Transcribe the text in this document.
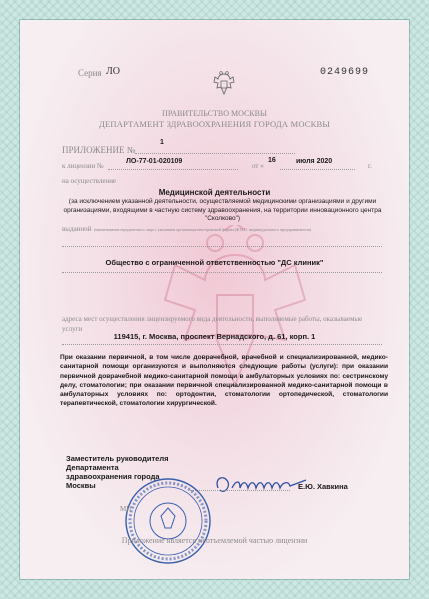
Серия ЛО	0249699
ПРАВИТЕЛЬСТВО МОСКВЫ
ДЕПАРТАМЕНТ ЗДРАВООХРАНЕНИЯ ГОРОДА МОСКВЫ
ПРИЛОЖЕНИЕ №
1
к лицензии №
ЛО-77-01-020109
от «
16	июля 2020
г.
на осуществление
Медицинской деятельности
(за исключением указанной деятельности, осуществляемой медицинскими организациями и другими организациями, входящими в частную систему здравоохранения, на территории инновационного центра "Сколково")
выданной (наименование юридического лица с указанием организационно-правовой формы (Ф.И.О. индивидуального предпринимателя)
Общество с ограниченной ответственностью "ДС клиник"
адреса мест осуществления лицензируемого вида деятельности, выполняемые работы, оказываемые услуги
119415, г. Москва, проспект Вернадского, д. 61, корп. 1
При оказании первичной, в том числе доврачебной, врачебной и специализированной, медико-санитарной помощи организуются и выполняются следующие работы (услуги): при оказании первичной доврачебной медико-санитарной помощи в амбулаторных условиях по: сестринскому делу, стоматологии; при оказании первичной специализированной медико-санитарной помощи в амбулаторных условиях по: ортодонтии, стоматологии ортопедической, стоматологии терапевтической, стоматологии хирургической.
Заместитель руководителя
Департамента
здравоохранения города
Москвы	Е.Ю. Хавкина
МП
Приложение является неотъемлемой частью лицензии
